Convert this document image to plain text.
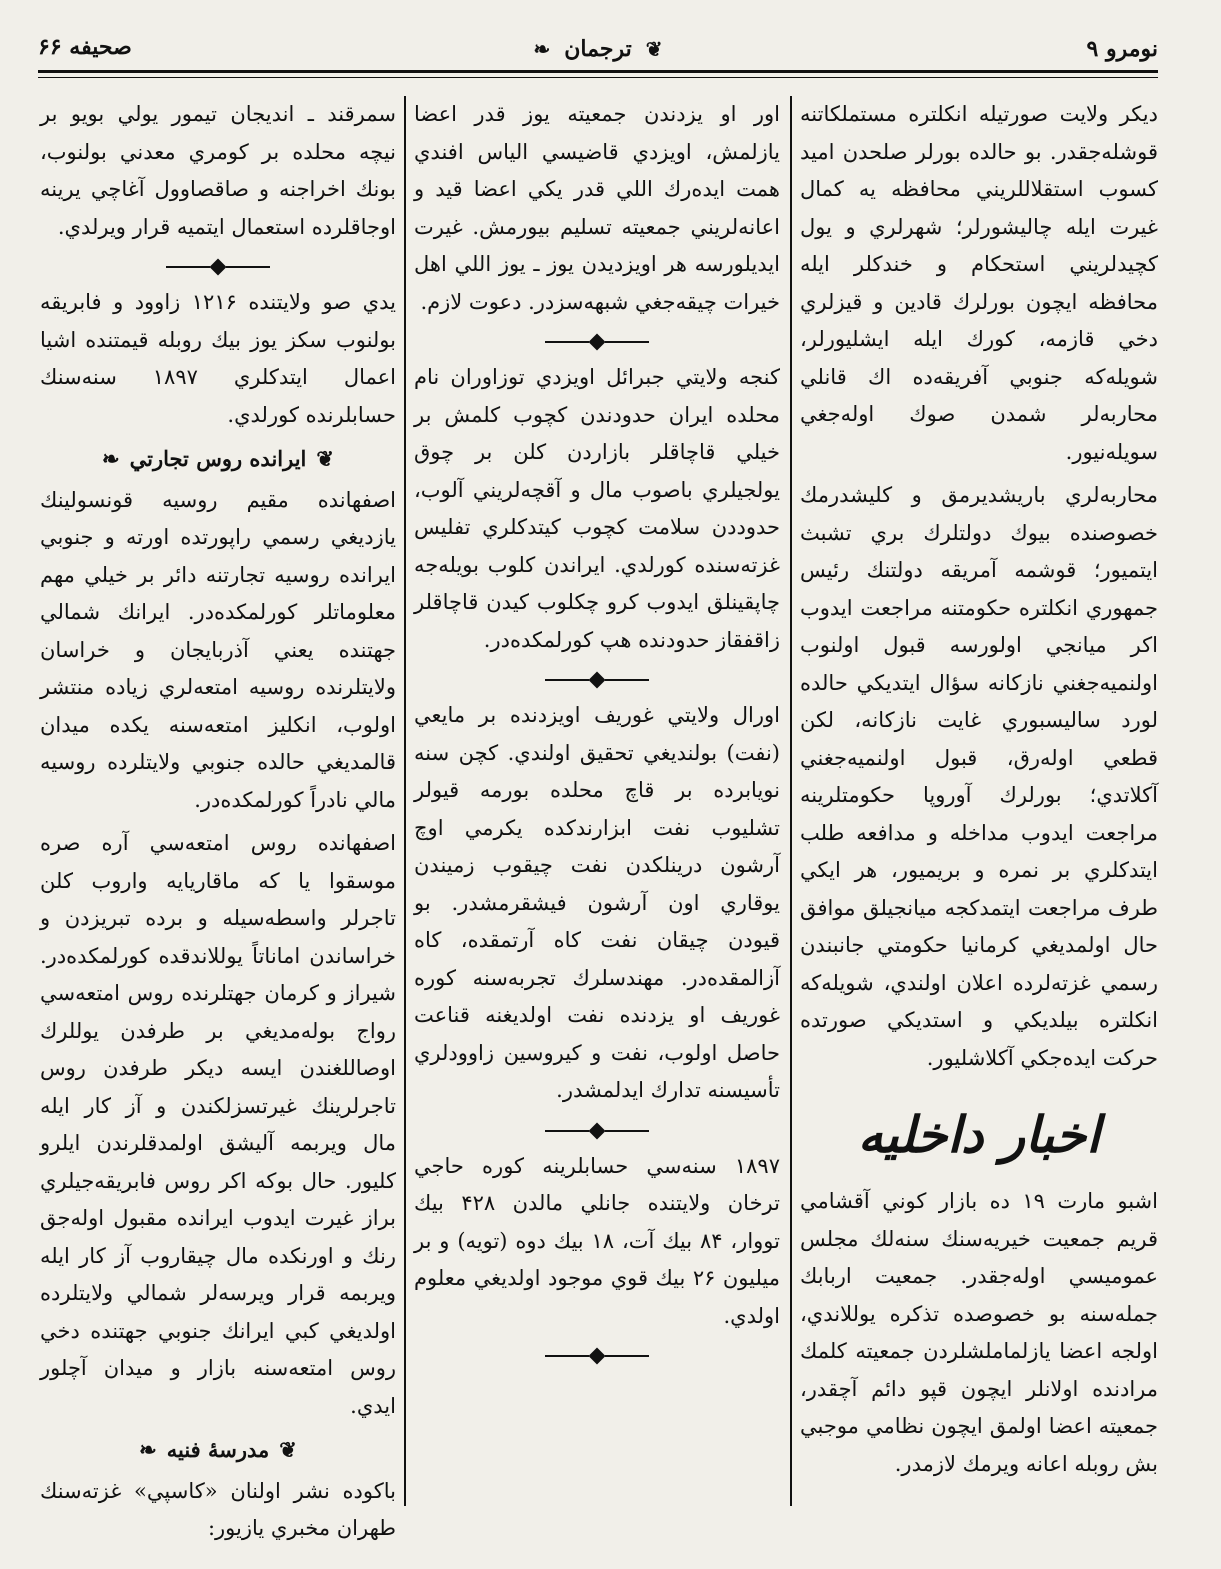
نومرو ۹
❦
ترجمان
❧
صحيفه ۶۶

ديكر ولايت صورتيله انكلتره مستملكاتنه قوشله‌جقدر. بو حالده بورلر صلحدن اميد كسوب استقلاللريني محافظه يه كمال غيرت ايله چاليشورلر؛ شهرلري و يول كچيدلريني استحكام و خندكلر ايله محافظه ايچون بورلرك قادين و قيزلري دخي قازمه، كورك ايله ايشليورلر، شويله‌كه جنوبي آفريقه‌ده اك قانلي محاربه‌لر شمدن صوك اوله‌جغي سويله‌نيور.

محاربه‌لري باريشديرمق و كليشدرمك خصوصنده بيوك دولتلرك بري تشبث ايتميور؛ قوشمه آمريقه دولتنك رئيس جمهوري انكلتره حكومتنه مراجعت ايدوب اكر ميانجي اولورسه قبول اولنوب اولنميه‌جغني نازكانه سؤال ايتديكي حالده لورد ساليسبوري غايت نازكانه، لكن قطعي اوله‌رق، قبول اولنميه‌جغني آكلاتدي؛ بورلرك آوروپا حكومتلرينه مراجعت ايدوب مداخله و مدافعه طلب ايتدكلري بر نمره و بريميور، هر ايكي طرف مراجعت ايتمدكجه ميانجيلق موافق حال اولمديغي كرمانيا حكومتي جانبندن رسمي غزته‌لرده اعلان اولندي، شويله‌كه انكلتره بيلديكي و استديكي صورتده حركت ايده‌جكي آكلاشليور.

اخبار داخليه

اشبو مارت ۱۹ ده بازار كوني آقشامي قريم جمعيت خيريه‌سنك سنه‌لك مجلس عموميسي اوله‌جقدر. جمعيت اربابك جمله‌سنه بو خصوصده تذكره يوللاندي، اولجه اعضا يازلماملشلردن جمعيته كلمك مرادنده اولانلر ايچون قپو دائم آچقدر، جمعيته اعضا اولمق ايچون نظامي موجبي بش روبله اعانه ويرمك لازمدر.

اور او يزدندن جمعيته يوز قدر اعضا يازلمش، اويزدي قاضيسي الياس افندي همت ايده‌رك اللي قدر يكي اعضا قيد و اعانه‌لريني جمعيته تسليم بيورمش. غيرت ايديلورسه هر اويزديدن يوز ـ يوز اللي اهل خيرات چيقه‌جغي شبهه‌سزدر. دعوت لازم.

كنجه ولايتي جبرائل اويزدي توزاوران نام محلده ايران حدودندن كچوب كلمش بر خيلي قاچاقلر بازاردن كلن بر چوق يولجيلري باصوب مال و آقچه‌لريني آلوب، حدوددن سلامت كچوب كيتدكلري تفليس غزته‌سنده كورلدي. ايراندن كلوب بويله‌جه چاپقينلق ايدوب كرو چكلوب كيدن قاچاقلر زاقفقاز حدودنده هپ كورلمكده‌در.

اورال ولايتي غوريف اويزدنده بر مايعي (نفت) بولنديغي تحقيق اولندي. كچن سنه نويابرده بر قاچ محلده بورمه قيولر تشليوب نفت ابزارندكده يكرمي اوچ آرشون درينلكدن نفت چيقوب زميندن يوقاري اون آرشون فيشقرمشدر. بو قيودن چيقان نفت كاه آرتمقده، كاه آزالمقده‌در. مهندسلرك تجربه‌سنه كوره غوريف او يزدنده نفت اولديغنه قناعت حاصل اولوب، نفت و كيروسين زاوودلري تأسيسنه تدارك ايدلمشدر.

۱۸۹۷ سنه‌سي حسابلرينه كوره حاجي ترخان ولايتنده جانلي مالدن ۴۲۸ بيك تووار، ۸۴ بيك آت، ۱۸ بيك دوه (تويه) و بر ميليون ۲۶ بيك قوي موجود اولديغي معلوم اولدي.

سمرقند ـ انديجان تيمور يولي بويو بر نيچه محلده بر كومري معدني بولنوب، بونك اخراجنه و صاقصاوول آغاچي يرينه اوجاقلرده استعمال ايتميه قرار ويرلدي.

يدي صو ولايتنده ۱۲۱۶ زاوود و فابريقه بولنوب سكز يوز بيك روبله قيمتنده اشيا اعمال ايتدكلري ۱۸۹۷ سنه‌سنك حسابلرنده كورلدي.

❦
ايرانده روس تجارتي
❧

اصفهانده مقيم روسيه قونسولينك يازديغي رسمي راپورتده اورته و جنوبي ايرانده روسيه تجارتنه دائر بر خيلي مهم معلوماتلر كورلمكده‌در. ايرانك شمالي جهتنده يعني آذربايجان و خراسان ولايتلرنده روسيه امتعه‌لري زياده منتشر اولوب، انكليز امتعه‌سنه يكده ميدان قالمديغي حالده جنوبي ولايتلرده روسيه مالي نادراً كورلمكده‌در.

اصفهانده روس امتعه‌سي آره صره موسقوا يا كه ماقاريايه واروب كلن تاجرلر واسطه‌سيله و برده تبريزدن و خراساندن اماناتاً يوللاندقده كورلمكده‌در. شيراز و كرمان جهتلرنده روس امتعه‌سي رواج بوله‌مديغي بر طرفدن يوللرك اوصاللغندن ايسه ديكر طرفدن روس تاجرلرينك غيرتسزلكندن و آز كار ايله مال ويربمه آليشق اولمدقلرندن ايلرو كليور. حال بوكه اكر روس فابريقه‌جيلري براز غيرت ايدوب ايرانده مقبول اوله‌جق رنك و اورنكده مال چيقاروب آز كار ايله ويربمه قرار ويرسه‌لر شمالي ولايتلرده اولديغي كبي ايرانك جنوبي جهتنده دخي روس امتعه‌سنه بازار و ميدان آچلور ايدي.

❦
مدرسهٔ فنيه
❧

باكوده نشر اولنان «كاسپي» غزته‌سنك طهران مخبري يازيور:
